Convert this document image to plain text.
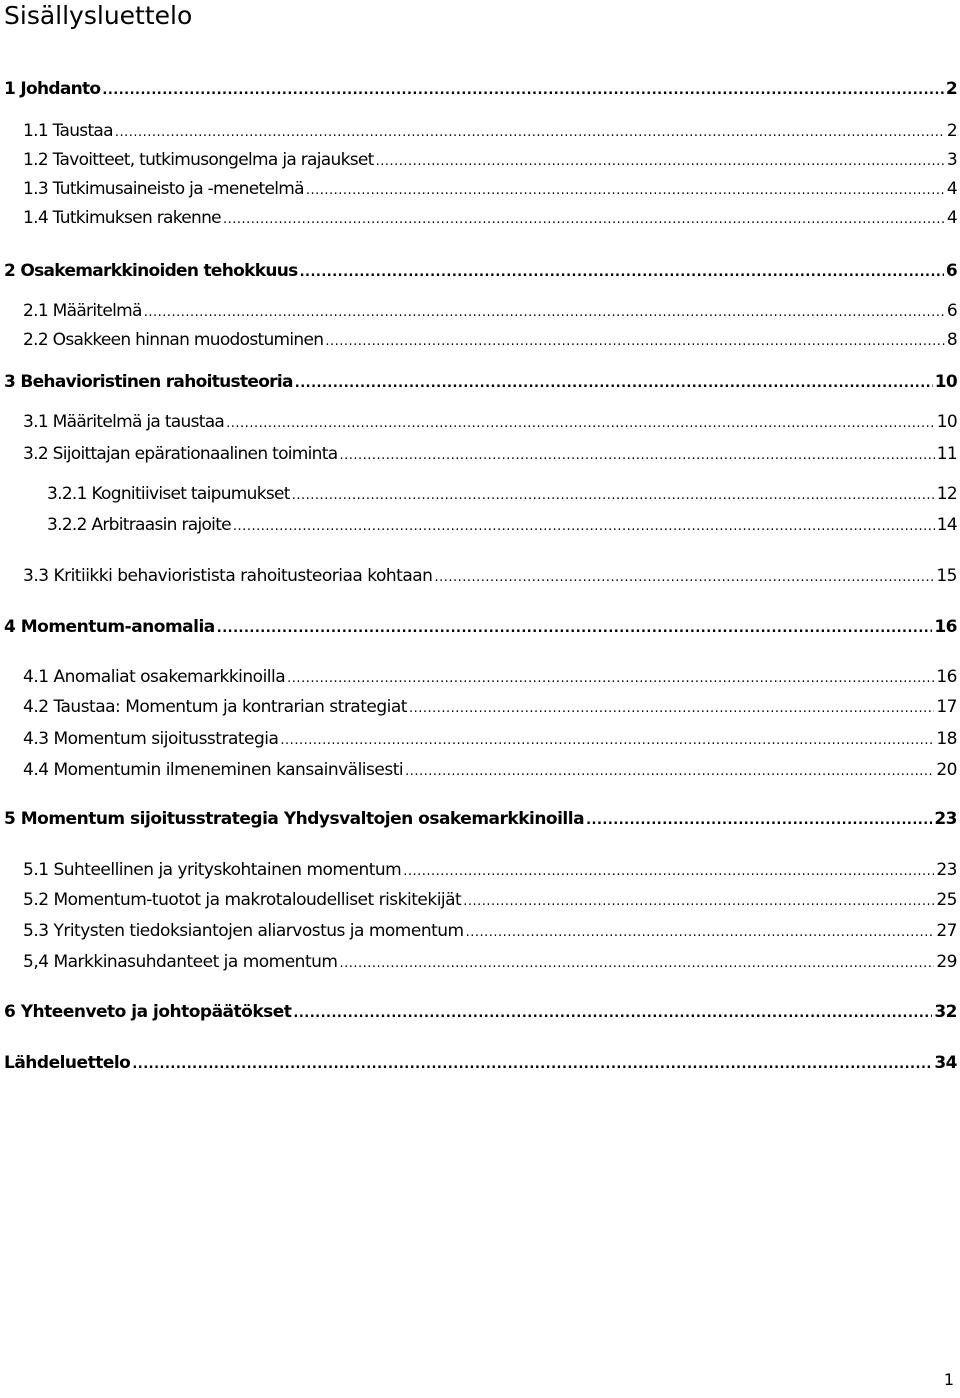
Sisällysluettelo
1 Johdanto .....	2
1.1 Taustaa .....	2
1.2 Tavoitteet, tutkimusongelma ja rajaukset .....	3
1.3 Tutkimusaineisto ja -menetelmä .....	4
1.4 Tutkimuksen rakenne .....	4
2 Osakemarkkinoiden tehokkuus .....	6
2.1 Määritelmä .....	6
2.2 Osakkeen hinnan muodostuminen .....	8
3 Behavioristinen rahoitusteoria .....	10
3.1 Määritelmä ja taustaa .....	10
3.2 Sijoittajan epärationaalinen toiminta .....	11
3.2.1 Kognitiiviset taipumukset .....	12
3.2.2 Arbitraasin rajoite .....	14
3.3 Kritiikki behavioristista rahoitusteoriaa kohtaan .....	15
4 Momentum-anomalia .....	16
4.1 Anomaliat osakemarkkinoilla .....	16
4.2 Taustaa: Momentum ja kontrarian strategiat .....	17
4.3 Momentum sijoitusstrategia .....	18
4.4 Momentumin ilmeneminen kansainvälisesti .....	20
5 Momentum sijoitusstrategia Yhdysvaltojen osakemarkkinoilla .....	23
5.1 Suhteellinen ja yrityskohtainen momentum .....	23
5.2 Momentum-tuotot ja makrotaloudelliset riskitekijät .....	25
5.3 Yritysten tiedoksiantojen aliarvostus ja momentum .....	27
5,4 Markkinasuhdanteet ja momentum .....	29
6 Yhteenveto ja johtopäätökset .....	32
Lähdeluettelo .....	34
1
